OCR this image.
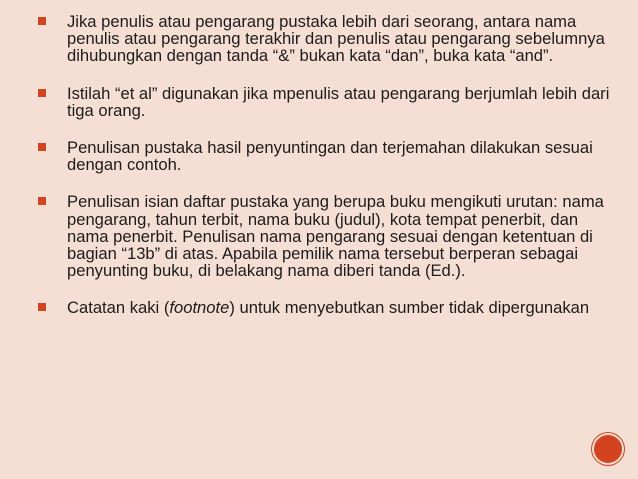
Jika penulis atau pengarang pustaka lebih dari seorang, antara nama penulis atau pengarang terakhir dan penulis atau pengarang sebelumnya dihubungkan dengan tanda “&” bukan kata “dan”, buka kata “and”.
Istilah “et al” digunakan jika mpenulis atau pengarang berjumlah lebih dari tiga orang.
Penulisan pustaka hasil penyuntingan dan terjemahan dilakukan sesuai dengan contoh.
Penulisan isian daftar pustaka yang berupa buku mengikuti urutan: nama pengarang, tahun terbit, nama buku (judul), kota tempat penerbit, dan nama penerbit. Penulisan nama pengarang sesuai dengan ketentuan di bagian “13b” di atas. Apabila pemilik nama tersebut berperan sebagai penyunting buku, di belakang nama diberi tanda (Ed.).
Catatan kaki (footnote) untuk menyebutkan sumber tidak dipergunakan
